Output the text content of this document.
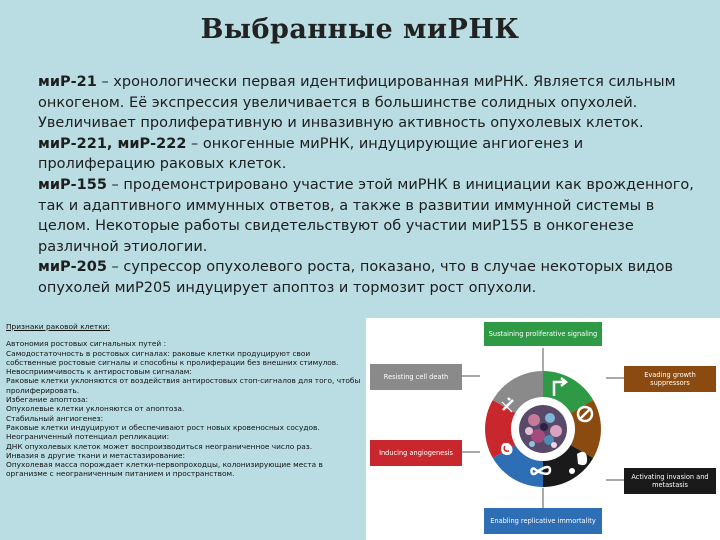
Выбранные миРНК

миР-21 – хронологически первая идентифицированная миРНК. Является сильным онкогеном. Её экспрессия увеличивается в большинстве солидных опухолей. Увеличивает пролиферативную и инвазивную активность опухолевых клеток.

миР-221, миР-222 – онкогенные миРНК, индуцирующие ангиогенез и пролиферацию раковых клеток.

миР-155 – продемонстрировано участие этой миРНК в инициации как врожденного, так и адаптивного иммунных ответов, а также в развитии иммунной системы в целом. Некоторые работы свидетельствуют об участии миР155 в онкогенезе различной этиологии.

миР-205 – супрессор опухолевого роста, показано, что в случае некоторых видов опухолей миР205 индуцирует апоптоз и тормозит рост опухоли.

Признаки раковой клетки:

Автономия ростовых сигнальных путей :

Самодостаточность в ростовых сигналах: раковые клетки продуцируют свои собственные ростовые сигналы и способны к пролиферации без внешних стимулов.

Невосприимчивость к антиростовым сигналам:

Раковые клетки уклоняются от воздействия антиростовых стоп-сигналов для того, чтобы пролиферировать.

Избегание апоптоза:

Опухолевые клетки уклоняются от апоптоза.

Стабильный ангиогенез:

Раковые клетки индуцируют и обеспечивают рост новых кровеносных сосудов.

Неограниченный потенциал репликации:

ДНК опухолевых клеток может воспроизводиться неограниченное число раз.

Инвазия в другие ткани и метастазирование:

Опухолевая масса порождает клетки-первопроходцы, колонизирующие места в организме с неограниченным питанием и пространством.

Sustaining proliferative signaling
Evading growth suppressors
Activating invasion and metastasis
Enabling replicative immortality
Inducing angiogenesis
Resisting cell death
